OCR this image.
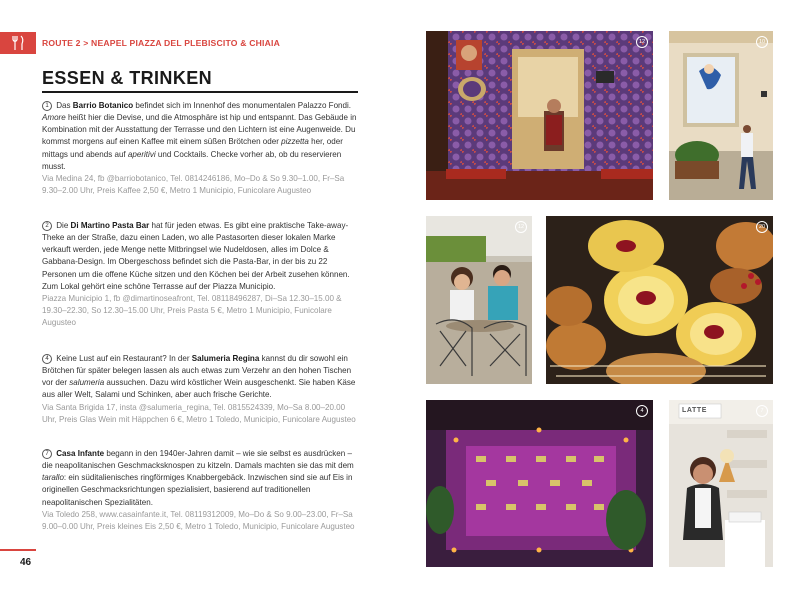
ROUTE 2 > NEAPEL PIAZZA DEL PLEBISCITO & CHIAIA
ESSEN & TRINKEN

1 Das Barrio Botanico befindet sich im Innenhof des monumentalen Palazzo Fondi. Amore heißt hier die Devise, und die Atmosphäre ist hip und entspannt. Das Gebäude in Kombination mit der Ausstattung der Terrasse und den Lichtern ist eine Augenweide. Du kommst morgens auf einen Kaffee mit einem süßen Brötchen oder pizzetta her, oder mittags und abends auf aperitivi und Cocktails. Checke vorher ab, ob du reservieren musst.

Via Medina 24, fb @barriobotanico, Tel. 0814246186, Mo–Do & So 9.30–1.00, Fr–Sa 9.30–2.00 Uhr, Preis Kaffee 2,50 €, Metro 1 Municipio, Funicolare Augusteo

2 Die Di Martino Pasta Bar hat für jeden etwas. Es gibt eine praktische Take-away-Theke an der Straße, dazu einen Laden, wo alle Pastasorten dieser lokalen Marke verkauft werden, jede Menge nette Mitbringsel wie Nudeldosen, alles im Dolce & Gabbana-Design. Im Obergeschoss befindet sich die Pasta-Bar, in der bis zu 22 Personen um die offene Küche sitzen und den Köchen bei der Arbeit zusehen können. Zum Lokal gehört eine schöne Terrasse auf der Piazza Municipio.

Piazza Municipio 1, fb @dimartinoseafront, Tel. 08118496287, Di–Sa 12.30–15.00 & 19.30–22.30, So 12.30–15.00 Uhr, Preis Pasta 5 €, Metro 1 Municipio, Funicolare Augusteo

4 Keine Lust auf ein Restaurant? In der Salumeria Regina kannst du dir sowohl ein Brötchen für später belegen lassen als auch etwas zum Verzehr an den hohen Tischen vor der salumeria aussuchen. Dazu wird köstlicher Wein ausgeschenkt. Sie haben Käse aus aller Welt, Salami und Schinken, aber auch frische Gerichte.

Via Santa Brigida 17, insta @salumeria_regina, Tel. 0815524339, Mo–Sa 8.00–20.00 Uhr, Preis Glas Wein mit Häppchen 6 €, Metro 1 Toledo, Municipio, Funicolare Augusteo

7 Casa Infante begann in den 1940er-Jahren damit – wie sie selbst es ausdrücken – die neapolitanischen Geschmacksknospen zu kitzeln. Damals machten sie das mit dem tarallo: ein süditalienisches ringförmiges Knabbergebäck. Inzwischen sind sie auf Eis in originellen Geschmacksrichtungen spezialisiert, basierend auf traditionellen neapolitanischen Spezialitäten.

Via Toledo 258, www.casainfante.it, Tel. 08119312009, Mo–Do & So 9.00–23.00, Fr–Sa 9.00–0.00 Uhr, Preis kleines Eis 2,50 €, Metro 1 Toledo, Municipio, Funicolare Augusteo

46
12	10
12	20
4	LATTE	7
